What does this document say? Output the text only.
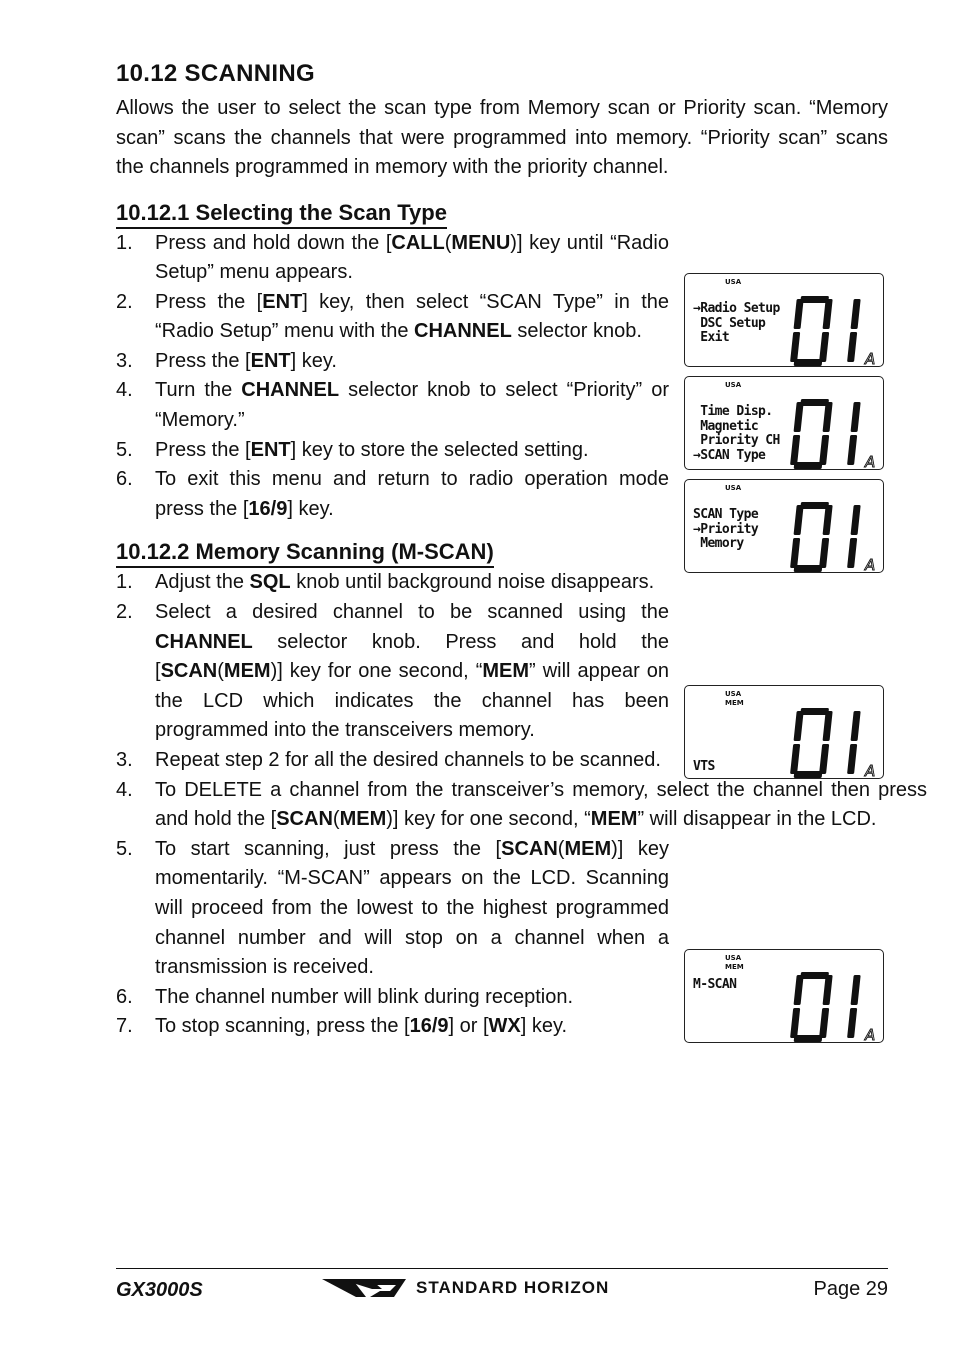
10.12 SCANNING

Allows the user to select the scan type from Memory scan or Priority scan. “Memory scan” scans the channels that were programmed into memory. “Priority scan” scans the channels programmed in memory with the priority channel.

10.12.1 Selecting the Scan Type
1. Press and hold down the [CALL(MENU)] key until “Radio Setup” menu appears.
2. Press the [ENT] key, then select “SCAN Type” in the “Radio Setup” menu with the CHANNEL selector knob.
3. Press the [ENT] key.
4. Turn the CHANNEL selector knob to select “Priority” or “Memory.”
5. Press the [ENT] key to store the selected setting.
6. To exit this menu and return to radio operation mode press the [16/9] key.
10.12.2 Memory Scanning (M-SCAN)
1. Adjust the SQL knob until background noise disappears.
2. Select a desired channel to be scanned using the CHANNEL selector knob. Press and hold the [SCAN(MEM)] key for one second, “MEM” will appear on the LCD which indicates the channel has been programmed into the transceivers memory.
3. Repeat step 2 for all the desired channels to be scanned.
4. To DELETE a channel from the transceiver’s memory, select the channel then press and hold the [SCAN(MEM)] key for one second, “MEM” will disappear in the LCD.
5. To start scanning, just press the [SCAN(MEM)] key momentarily. “M-SCAN” appears on the LCD. Scanning will proceed from the lowest to the highest programmed channel number and will stop on a channel when a transmission is received.
6. The channel number will blink during reception.
7. To stop scanning, press the [16/9] or [WX] key.
USA
→Radio Setup
DSC Setup
Exit
A
USA
Time Disp.
Magnetic
Priority CH
→SCAN Type	A
USA
SCAN Type
→Priority
Memory
A
USA
MEM
VTS	A
USA
MEM
M-SCAN
A
GX3000S	STANDARD HORIZON	Page 29
